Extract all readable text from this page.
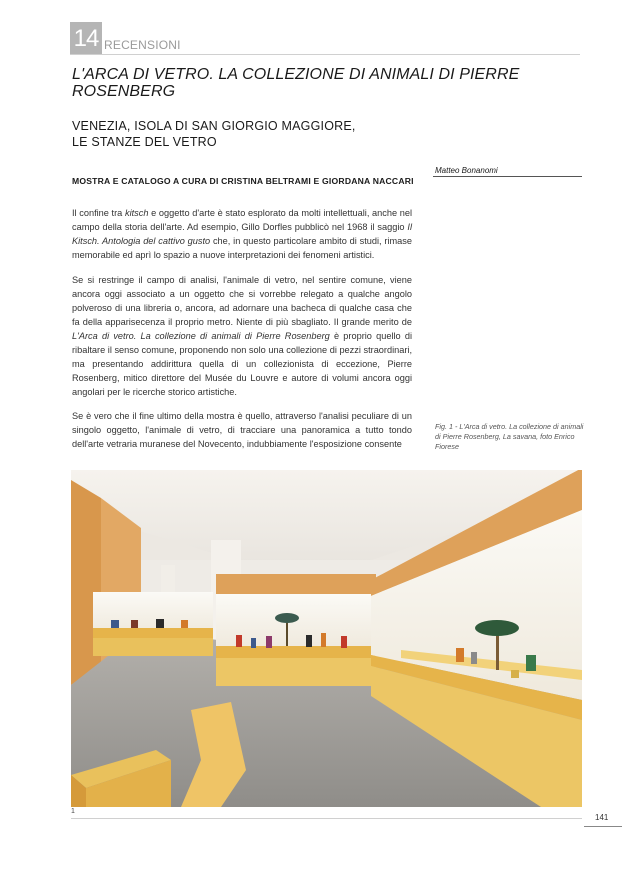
14 RECENSIONI
L'ARCA DI VETRO. LA COLLEZIONE DI ANIMALI DI PIERRE ROSENBERG
VENEZIA, ISOLA DI SAN GIORGIO MAGGIORE,
LE STANZE DEL VETRO
MOSTRA E CATALOGO A CURA DI CRISTINA BELTRAMI E GIORDANA NACCARI
Matteo Bonanomi
Il confine tra kitsch e oggetto d'arte è stato esplorato da molti intellettuali, anche nel campo della storia dell'arte. Ad esempio, Gillo Dorfles pubblicò nel 1968 il saggio Il Kitsch. Antologia del cattivo gusto che, in questo particolare ambito di studi, rimase memorabile ed aprì lo spazio a nuove interpretazioni dei fenomeni artistici.
Se si restringe il campo di analisi, l'animale di vetro, nel sentire comune, viene ancora oggi associato a un oggetto che si vorrebbe relegato a qualche angolo polveroso di una libreria o, ancora, ad adornare una bacheca di qualche casa che fa della apparisecenza il proprio metro. Niente di più sbagliato. Il grande merito de L'Arca di vetro. La collezione di animali di Pierre Rosenberg è proprio quello di ribaltare il senso comune, proponendo non solo una collezione di pezzi straordinari, ma presentando addirittura quella di un collezionista di eccezione, Pierre Rosenberg, mitico direttore del Musée du Louvre e autore di volumi ancora oggi angolari per le ricerche storico artistiche.
Se è vero che il fine ultimo della mostra è quello, attraverso l'analisi peculiare di un singolo oggetto, l'animale di vetro, di tracciare una panoramica a tutto tondo dell'arte vetraria muranese del Novecento, indubbiamente l'esposizione consente
Fig. 1 - L'Arca di vetro. La collezione di animali di Pierre Rosenberg, La savana, foto Enrico Fiorese
1
141
